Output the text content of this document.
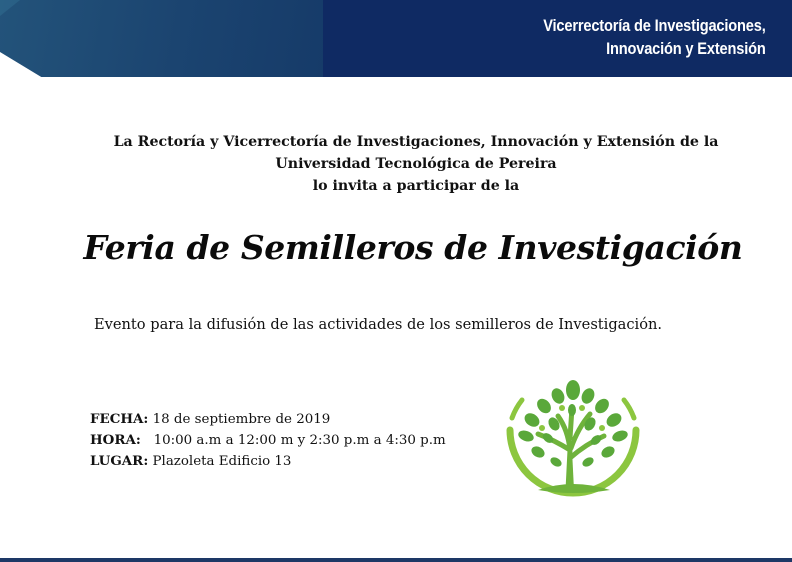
Vicerrectoría de Investigaciones,
Innovación y Extensión
La Rectoría y Vicerrectoría de Investigaciones, Innovación y Extensión de la
Universidad Tecnológica de Pereira
lo invita a participar de la
Feria de Semilleros de Investigación
Evento para la difusión de las actividades de los semilleros de Investigación.
FECHA: 18 de septiembre de 2019
HORA: 10:00 a.m a 12:00 m y 2:30 p.m a 4:30 p.m
LUGAR: Plazoleta Edificio 13
